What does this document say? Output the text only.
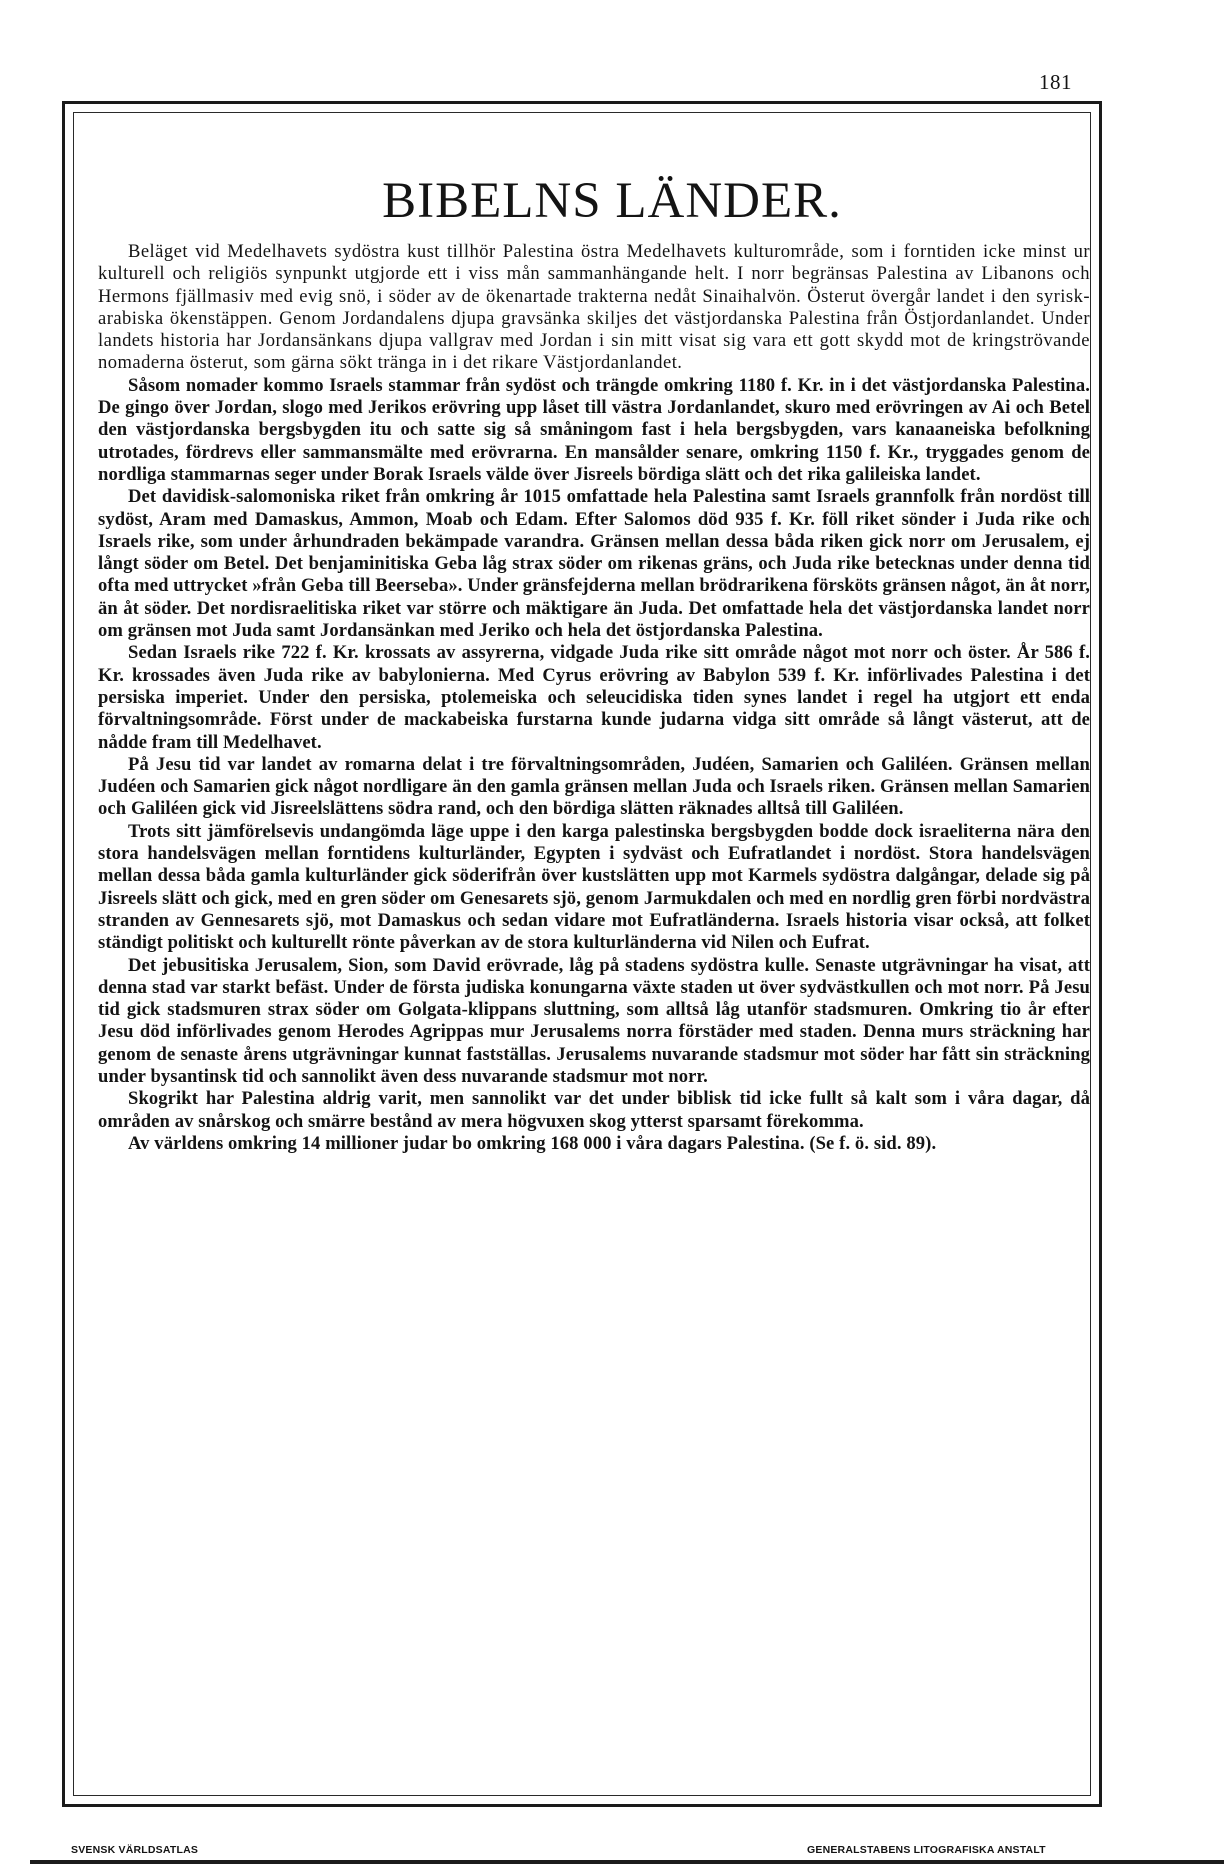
181
BIBELNS LÄNDER.

Beläget vid Medelhavets sydöstra kust tillhör Palestina östra Medelhavets kulturområde, som i forntiden icke minst ur kulturell och religiös synpunkt utgjorde ett i viss mån sammanhängande helt. I norr begränsas Palestina av Libanons och Hermons fjällmasiv med evig snö, i söder av de ökenartade trakterna nedåt Sinaihalvön. Österut övergår landet i den syrisk-arabiska ökenstäppen. Genom Jordandalens djupa gravsänka skiljes det västjordanska Palestina från Östjordanlandet. Under landets historia har Jordansänkans djupa vallgrav med Jordan i sin mitt visat sig vara ett gott skydd mot de kringströvande nomaderna österut, som gärna sökt tränga in i det rikare Västjordanlandet.

Såsom nomader kommo Israels stammar från sydöst och trängde omkring 1180 f. Kr. in i det västjordanska Palestina. De gingo över Jordan, slogo med Jerikos erövring upp låset till västra Jordanlandet, skuro med erövringen av Ai och Betel den västjordanska bergsbygden itu och satte sig så småningom fast i hela bergsbygden, vars kanaaneiska befolkning utrotades, fördrevs eller sammansmälte med erövrarna. En mansålder senare, omkring 1150 f. Kr., tryggades genom de nordliga stammarnas seger under Borak Israels välde över Jisreels bördiga slätt och det rika galileiska landet.

Det davidisk-salomoniska riket från omkring år 1015 omfattade hela Palestina samt Israels grannfolk från nordöst till sydöst, Aram med Damaskus, Ammon, Moab och Edam. Efter Salomos död 935 f. Kr. föll riket sönder i Juda rike och Israels rike, som under århundraden bekämpade varandra. Gränsen mellan dessa båda riken gick norr om Jerusalem, ej långt söder om Betel. Det benjaminitiska Geba låg strax söder om rikenas gräns, och Juda rike betecknas under denna tid ofta med uttrycket »från Geba till Beerseba». Under gränsfejderna mellan brödrarikena försköts gränsen något, än åt norr, än åt söder. Det nordisraelitiska riket var större och mäktigare än Juda. Det omfattade hela det västjordanska landet norr om gränsen mot Juda samt Jordansänkan med Jeriko och hela det östjordanska Palestina.

Sedan Israels rike 722 f. Kr. krossats av assyrerna, vidgade Juda rike sitt område något mot norr och öster. År 586 f. Kr. krossades även Juda rike av babylonierna. Med Cyrus erövring av Babylon 539 f. Kr. införlivades Palestina i det persiska imperiet. Under den persiska, ptolemeiska och seleucidiska tiden synes landet i regel ha utgjort ett enda förvaltningsområde. Först under de mackabeiska furstarna kunde judarna vidga sitt område så långt västerut, att de nådde fram till Medelhavet.

På Jesu tid var landet av romarna delat i tre förvaltningsområden, Judéen, Samarien och Galiléen. Gränsen mellan Judéen och Samarien gick något nordligare än den gamla gränsen mellan Juda och Israels riken. Gränsen mellan Samarien och Galiléen gick vid Jisreelslättens södra rand, och den bördiga slätten räknades alltså till Galiléen.

Trots sitt jämförelsevis undangömda läge uppe i den karga palestinska bergsbygden bodde dock israeliterna nära den stora handelsvägen mellan forntidens kulturländer, Egypten i sydväst och Eufratlandet i nordöst. Stora handelsvägen mellan dessa båda gamla kulturländer gick söderifrån över kustslätten upp mot Karmels sydöstra dalgångar, delade sig på Jisreels slätt och gick, med en gren söder om Genesarets sjö, genom Jarmukdalen och med en nordlig gren förbi nordvästra stranden av Gennesarets sjö, mot Damaskus och sedan vidare mot Eufratländerna. Israels historia visar också, att folket ständigt politiskt och kulturellt rönte påverkan av de stora kulturländerna vid Nilen och Eufrat.

Det jebusitiska Jerusalem, Sion, som David erövrade, låg på stadens sydöstra kulle. Senaste utgrävningar ha visat, att denna stad var starkt befäst. Under de första judiska konungarna växte staden ut över sydvästkullen och mot norr. På Jesu tid gick stadsmuren strax söder om Golgata-klippans sluttning, som alltså låg utanför stadsmuren. Omkring tio år efter Jesu död införlivades genom Herodes Agrippas mur Jerusalems norra förstäder med staden. Denna murs sträckning har genom de senaste årens utgrävningar kunnat fastställas. Jerusalems nuvarande stadsmur mot söder har fått sin sträckning under bysantinsk tid och sannolikt även dess nuvarande stadsmur mot norr.

Skogrikt har Palestina aldrig varit, men sannolikt var det under biblisk tid icke fullt så kalt som i våra dagar, då områden av snårskog och smärre bestånd av mera högvuxen skog ytterst sparsamt förekomma.

Av världens omkring 14 millioner judar bo omkring 168 000 i våra dagars Palestina. (Se f. ö. sid. 89).

SVENSK VÄRLDSATLAS	GENERALSTABENS LITOGRAFISKA ANSTALT
